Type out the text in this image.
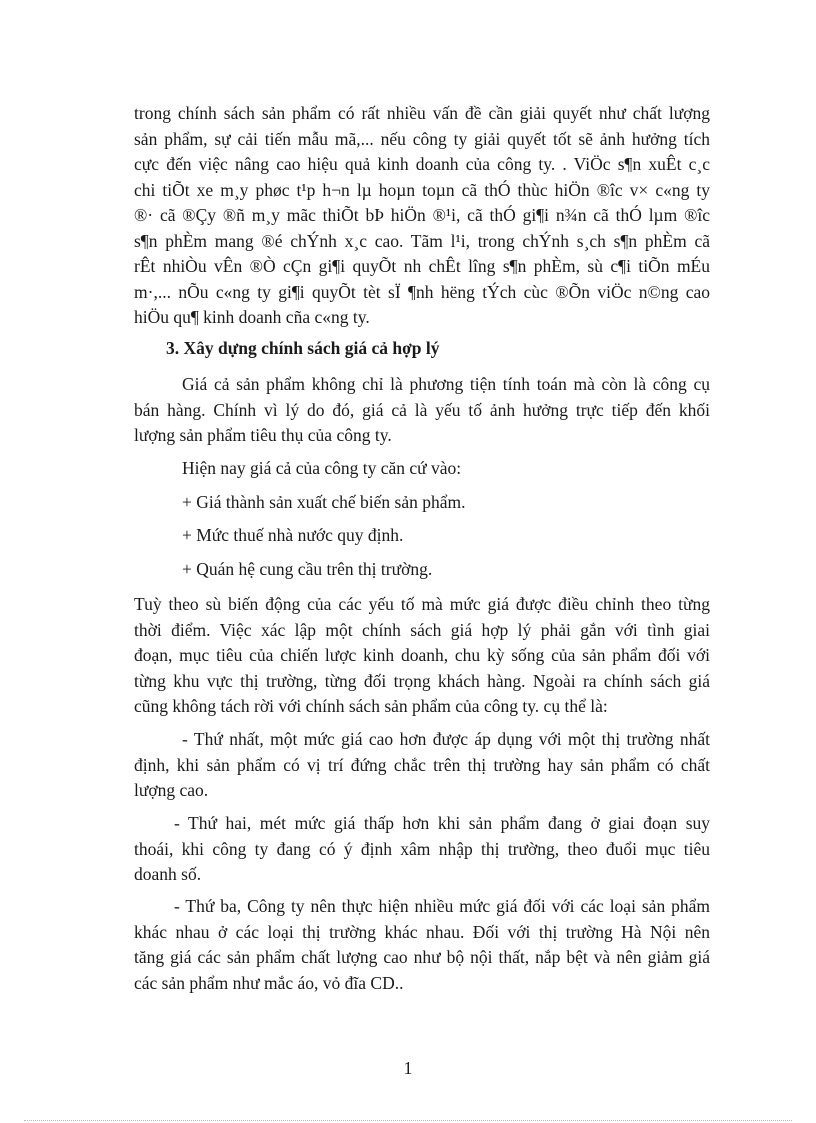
trong chính sách sản phẩm có rất nhiều vấn đề cần giải quyết như chất lượng
sản phẩm, sự cải tiến mẫu mã,... nếu công ty giải quyết tốt sẽ ảnh hưởng tích
cực đến việc nâng cao hiệu quả kinh doanh của công ty. . ViÖc s¶n xuÊt c¸c
chi tiÕt xe m¸y phøc t¹p h¬n lµ hoµn toµn cã thÓ thùc hiÖn ®îc v× c«ng ty
®· cã ®Çy ®ñ m¸y mãc thiÕt bÞ hiÖn ®¹i, cã thÓ gi¶i n¾n cã thÓ lµm ®îc
s¶n phÈm mang ®é chÝnh x¸c cao. Tãm l¹i, trong chÝnh s¸ch s¶n phÈm cã
rÊt nhiÒu vÊn ®Ò cÇn gi¶i quyÕt nh chÊt lîng s¶n phÈm, sù c¶i tiÕn mÉu
m·,... nÕu c«ng ty gi¶i quyÕt tèt sÏ ¶nh hëng tÝch cùc ®Õn viÖc n©ng cao
hiÖu qu¶ kinh doanh cña c«ng ty.
3. Xây dựng chính sách giá cả hợp lý
Giá cả sản phẩm không chỉ là phương tiện tính toán mà còn là công cụ
bán hàng. Chính vì lý do đó, giá cả là yếu tố ảnh hưởng trực tiếp đến khối
lượng sản phẩm tiêu thụ của công ty.
Hiện nay giá cả của công ty căn cứ vào:
+ Giá thành sản xuất chế biến sản phẩm.
+ Mức thuế nhà nước quy định.
+ Quán hệ cung cầu trên thị trường.
Tuỳ theo sù biến động của các yếu tố mà mức giá được điều chỉnh theo từng
thời điểm. Việc xác lập một chính sách giá hợp lý phải gắn với tình giai
đoạn, mục tiêu của chiến lược kinh doanh, chu kỳ sống của sản phẩm đối với
từng khu vực thị trường, từng đối trọng khách hàng. Ngoài ra chính sách giá
cũng không tách rời với chính sách sản phẩm của công ty. cụ thể là:
- Thứ nhất, một mức giá cao hơn được áp dụng với một thị trường nhất
định, khi sản phẩm có vị trí đứng chắc trên thị trường hay sản phẩm có chất
lượng cao.
- Thứ hai, mét mức giá thấp hơn khi sản phẩm đang ở giai đoạn suy
thoái, khi công ty đang có ý định xâm nhập thị trường, theo đuổi mục tiêu
doanh số.
- Thứ ba, Công ty nên thực hiện nhiều mức giá đối với các loại sản phẩm
khác nhau ở các loại thị trường khác nhau. Đối với thị trường Hà Nội nên
tăng giá các sản phẩm chất lượng cao như bộ nội thất, nắp bệt và nên giảm giá
các sản phẩm như mắc áo, vỏ đĩa CD..
1
